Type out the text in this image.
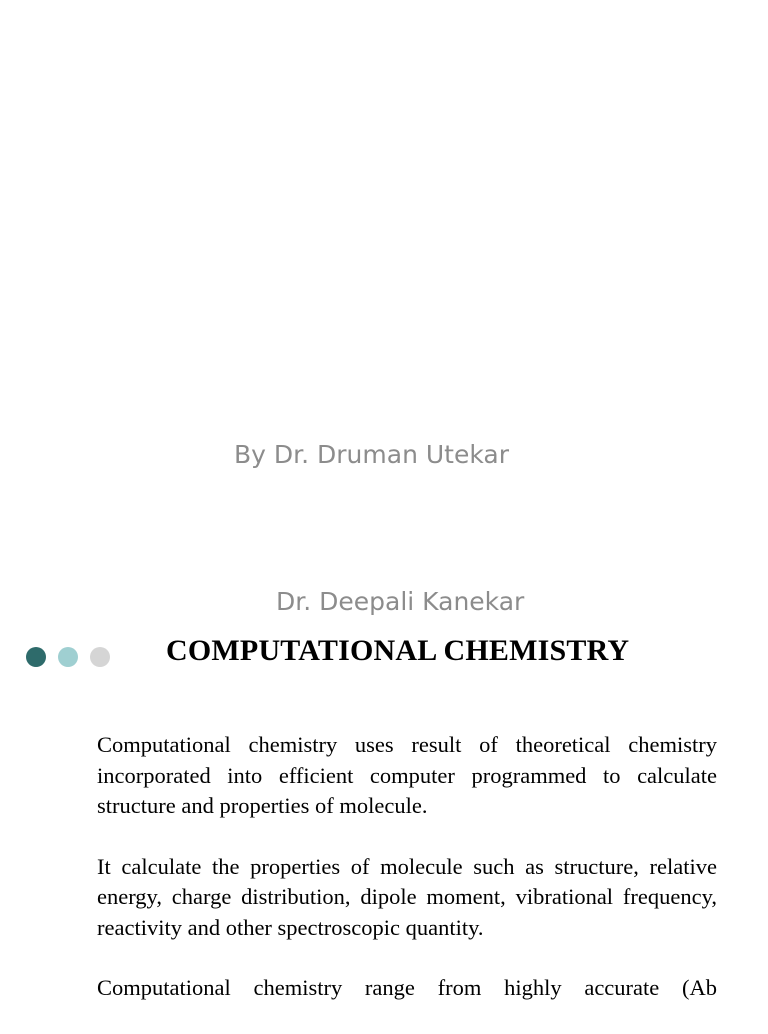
By Dr. Druman Utekar

Dr. Deepali Kanekar

COMPUTATIONAL CHEMISTRY

Computational chemistry uses result of theoretical chemistry incorporated into efficient computer programmed to calculate structure and properties of molecule.

It calculate the properties of molecule such as structure, relative energy, charge distribution, dipole moment, vibrational frequency, reactivity and other spectroscopic quantity.

Computational chemistry range from highly accurate (Ab
